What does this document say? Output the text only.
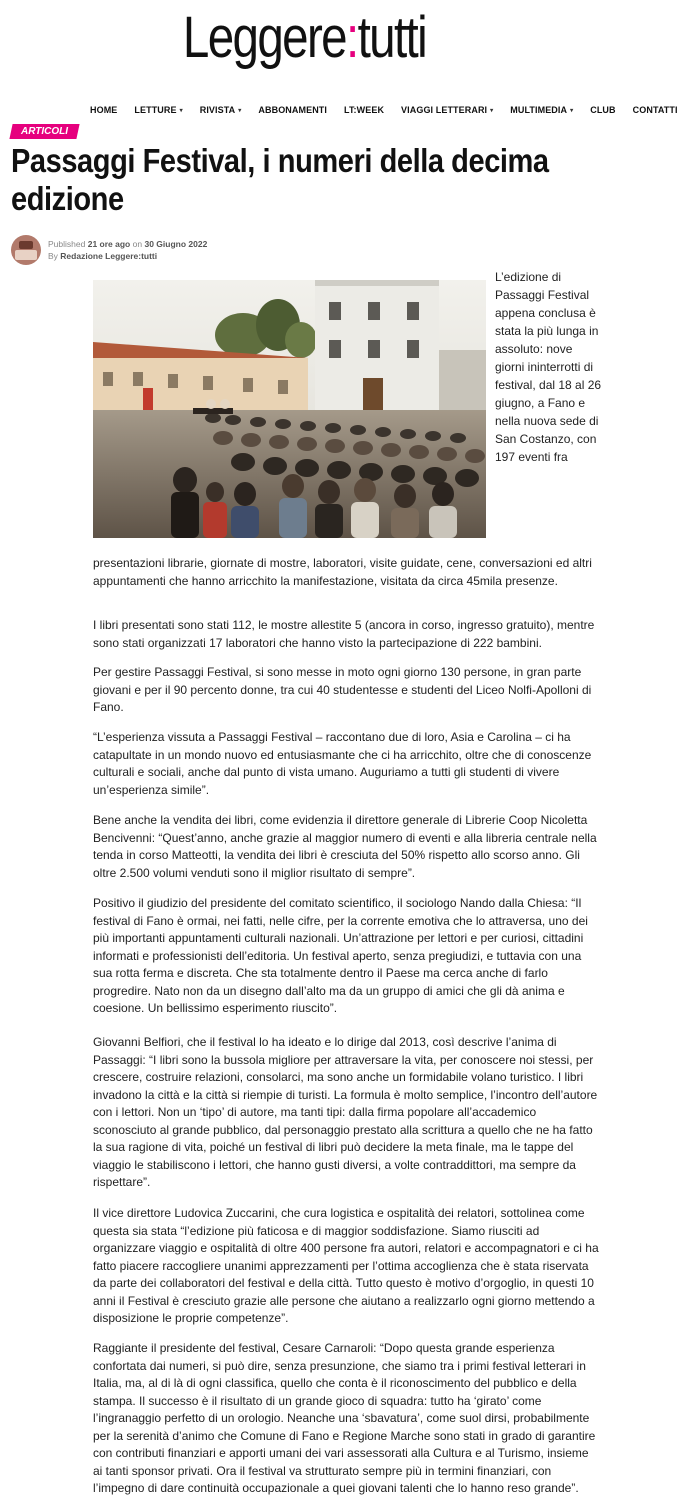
Leggere:tutti
HOME LETTURE ▾ RIVISTA ▾ ABBONAMENTI LT:WEEK VIAGGI LETTERARI ▾ MULTIMEDIA ▾ CLUB CONTATTI
ARTICOLI
Passaggi Festival, i numeri della decima edizione
Published 21 ore ago on 30 Giugno 2022
By Redazione Leggere:tutti

L’edizione di Passaggi Festival appena conclusa è stata la più lunga in assoluto: nove giorni ininterrotti di festival, dal 18 al 26 giugno, a Fano e nella nuova sede di San Costanzo, con 197 eventi fra

presentazioni librarie, giornate di mostre, laboratori, visite guidate, cene, conversazioni ed altri appuntamenti che hanno arricchito la manifestazione, visitata da circa 45mila presenze.

I libri presentati sono stati 112, le mostre allestite 5 (ancora in corso, ingresso gratuito), mentre sono stati organizzati 17 laboratori che hanno visto la partecipazione di 222 bambini.

Per gestire Passaggi Festival, si sono messe in moto ogni giorno 130 persone, in gran parte giovani e per il 90 percento donne, tra cui 40 studentesse e studenti del Liceo Nolfi-Apolloni di Fano.

“L’esperienza vissuta a Passaggi Festival – raccontano due di loro, Asia e Carolina – ci ha catapultate in un mondo nuovo ed entusiasmante che ci ha arricchito, oltre che di conoscenze culturali e sociali, anche dal punto di vista umano. Auguriamo a tutti gli studenti di vivere un’esperienza simile”.

Bene anche la vendita dei libri, come evidenzia il direttore generale di Librerie Coop Nicoletta Bencivenni: “Quest’anno, anche grazie al maggior numero di eventi e alla libreria centrale nella tenda in corso Matteotti, la vendita dei libri è cresciuta del 50% rispetto allo scorso anno. Gli oltre 2.500 volumi venduti sono il miglior risultato di sempre”.

Positivo il giudizio del presidente del comitato scientifico, il sociologo Nando dalla Chiesa: “Il festival di Fano è ormai, nei fatti, nelle cifre, per la corrente emotiva che lo attraversa, uno dei più importanti appuntamenti culturali nazionali. Un’attrazione per lettori e per curiosi, cittadini informati e professionisti dell’editoria. Un festival aperto, senza pregiudizi, e tuttavia con una sua rotta ferma e discreta. Che sta totalmente dentro il Paese ma cerca anche di farlo progredire. Nato non da un disegno dall’alto ma da un gruppo di amici che gli dà anima e coesione. Un bellissimo esperimento riuscito”.

Giovanni Belfiori, che il festival lo ha ideato e lo dirige dal 2013, così descrive l’anima di Passaggi: “I libri sono la bussola migliore per attraversare la vita, per conoscere noi stessi, per crescere, costruire relazioni, consolarci, ma sono anche un formidabile volano turistico. I libri invadono la città e la città si riempie di turisti. La formula è molto semplice, l’incontro dell’autore con i lettori. Non un ‘tipo’ di autore, ma tanti tipi: dalla firma popolare all’accademico sconosciuto al grande pubblico, dal personaggio prestato alla scrittura a quello che ne ha fatto la sua ragione di vita, poiché un festival di libri può decidere la meta finale, ma le tappe del viaggio le stabiliscono i lettori, che hanno gusti diversi, a volte contraddittori, ma sempre da rispettare”.

Il vice direttore Ludovica Zuccarini, che cura logistica e ospitalità dei relatori, sottolinea come questa sia stata “l’edizione più faticosa e di maggior soddisfazione. Siamo riusciti ad organizzare viaggio e ospitalità di oltre 400 persone fra autori, relatori e accompagnatori e ci ha fatto piacere raccogliere unanimi apprezzamenti per l’ottima accoglienza che è stata riservata da parte dei collaboratori del festival e della città. Tutto questo è motivo d’orgoglio, in questi 10 anni il Festival è cresciuto grazie alle persone che aiutano a realizzarlo ogni giorno mettendo a disposizione le proprie competenze”.

Raggiante il presidente del festival, Cesare Carnaroli: “Dopo questa grande esperienza confortata dai numeri, si può dire, senza presunzione, che siamo tra i primi festival letterari in Italia, ma, al di là di ogni classifica, quello che conta è il riconoscimento del pubblico e della stampa. Il successo è il risultato di un grande gioco di squadra: tutto ha ‘girato’ come l’ingranaggio perfetto di un orologio. Neanche una ‘sbavatura’, come suol dirsi, probabilmente per la serenità d’animo che Comune di Fano e Regione Marche sono stati in grado di garantire con contributi finanziari e apporti umani dei vari assessorati alla Cultura e al Turismo, insieme ai tanti sponsor privati. Ora il festival va strutturato sempre più in termini finanziari, con l’impegno di dare continuità occupazionale a quei giovani talenti che lo hanno reso grande”.
